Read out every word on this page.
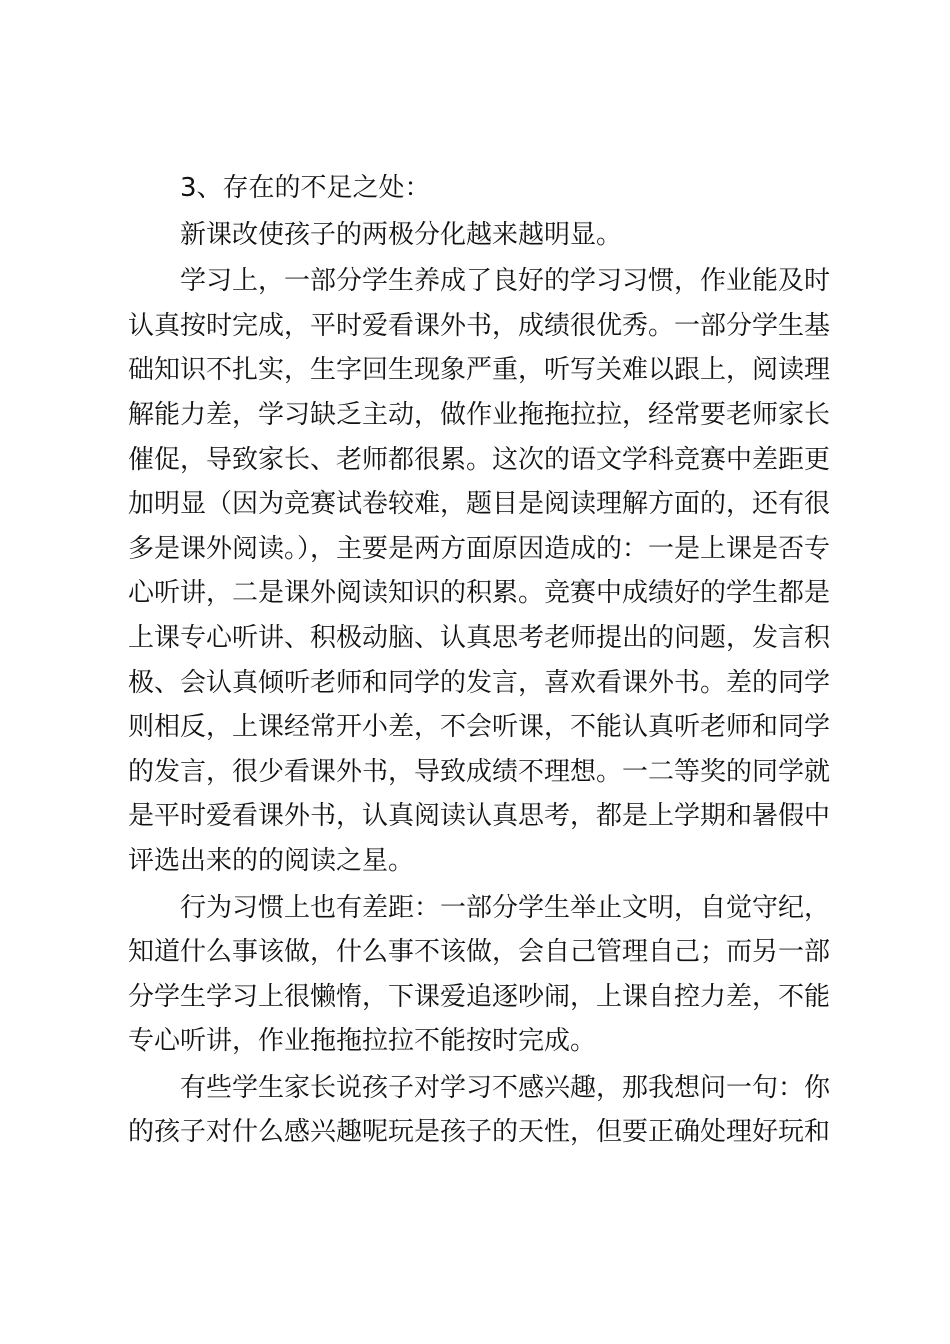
3、存在的不足之处：

新课改使孩子的两极分化越来越明显。

学习上，一部分学生养成了良好的学习习惯，作业能及时认真按时完成，平时爱看课外书，成绩很优秀。一部分学生基础知识不扎实，生字回生现象严重，听写关难以跟上，阅读理解能力差，学习缺乏主动，做作业拖拖拉拉，经常要老师家长催促，导致家长、老师都很累。这次的语文学科竞赛中差距更加明显（因为竞赛试卷较难，题目是阅读理解方面的，还有很多是课外阅读。），主要是两方面原因造成的：一是上课是否专心听讲，二是课外阅读知识的积累。竞赛中成绩好的学生都是上课专心听讲、积极动脑、认真思考老师提出的问题，发言积极、会认真倾听老师和同学的发言，喜欢看课外书。差的同学则相反，上课经常开小差，不会听课，不能认真听老师和同学的发言，很少看课外书，导致成绩不理想。一二等奖的同学就是平时爱看课外书，认真阅读认真思考，都是上学期和暑假中评选出来的的阅读之星。

行为习惯上也有差距：一部分学生举止文明，自觉守纪，知道什么事该做，什么事不该做，会自己管理自己；而另一部分学生学习上很懒惰，下课爱追逐吵闹，上课自控力差，不能专心听讲，作业拖拖拉拉不能按时完成。

有些学生家长说孩子对学习不感兴趣，那我想问一句：你的孩子对什么感兴趣呢玩是孩子的天性，但要正确处理好玩和
